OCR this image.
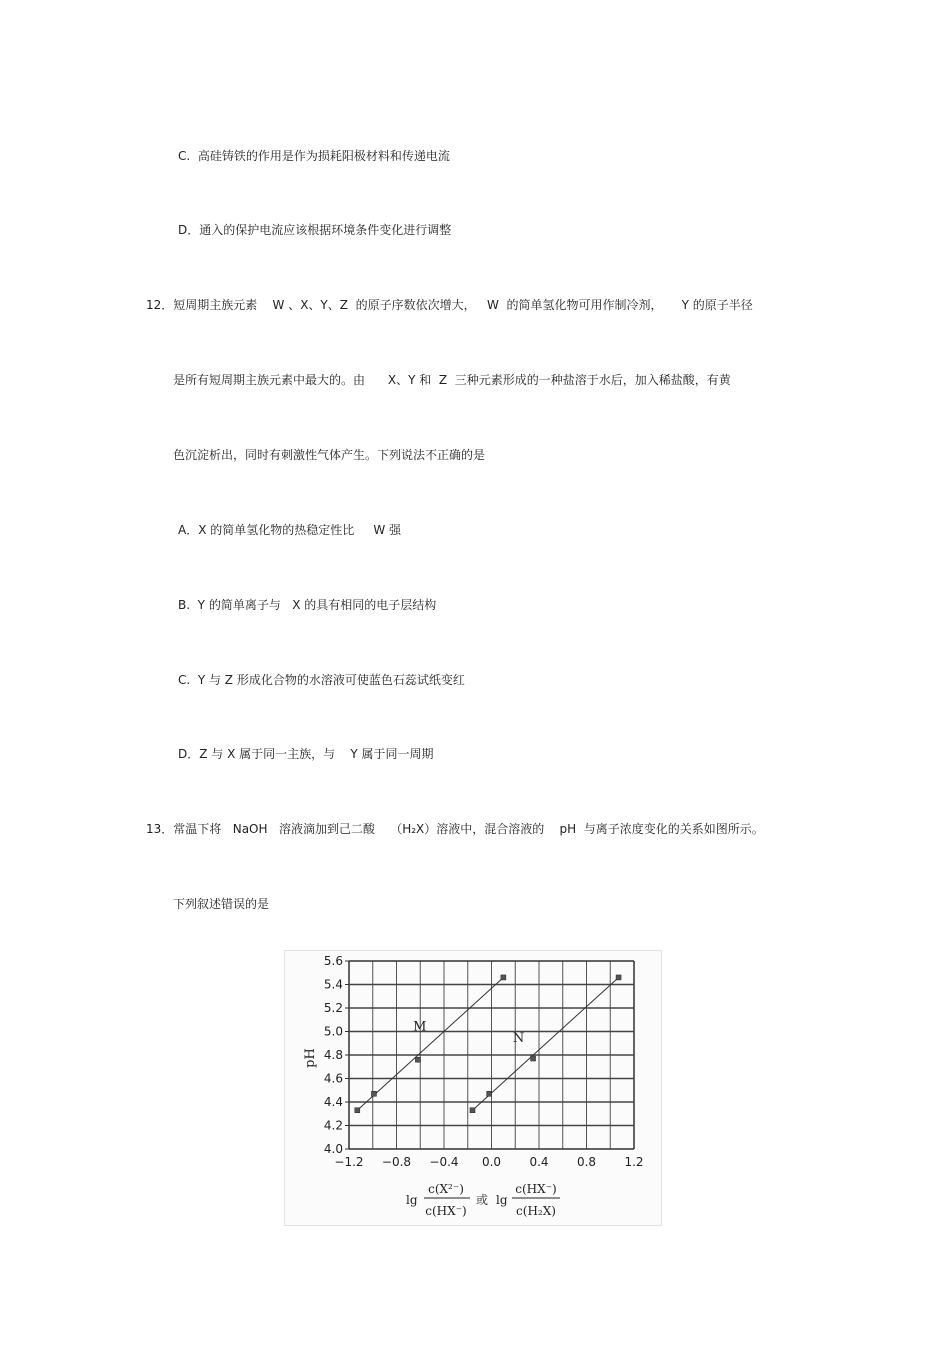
C.  高硅铸铁的作用是作为损耗阳极材料和传递电流
D．通入的保护电流应该根据环境条件变化进行调整
12．短周期主族元素    W 、X、Y、Z  的原子序数依次增大，   W  的简单氢化物可用作制冷剂，     Y 的原子半径
是所有短周期主族元素中最大的。由      X、Y 和  Z  三种元素形成的一种盐溶于水后，加入稀盐酸，有黄
色沉淀析出，同时有刺激性气体产生。下列说法不正确的是
A．X 的简单氢化物的热稳定性比     W 强
B.  Y 的简单离子与   X 的具有相同的电子层结构
C.  Y 与 Z 形成化合物的水溶液可使蓝色石蕊试纸变红
D．Z 与 X 属于同一主族，与    Y 属于同一周期
13．常温下将   NaOH   溶液滴加到己二酸    （H₂X）溶液中，混合溶液的    pH  与离子浓度变化的关系如图所示。
下列叙述错误的是
4.0
4.2
4.4
4.6
4.8
5.0
5.2
5.4
5.6
−1.2 −0.8 −0.4 0.0 0.4 0.8 1.2
M
N
pH
lg
c(X²⁻)
c(HX⁻)
或 lg
c(HX⁻)
c(H₂X)
